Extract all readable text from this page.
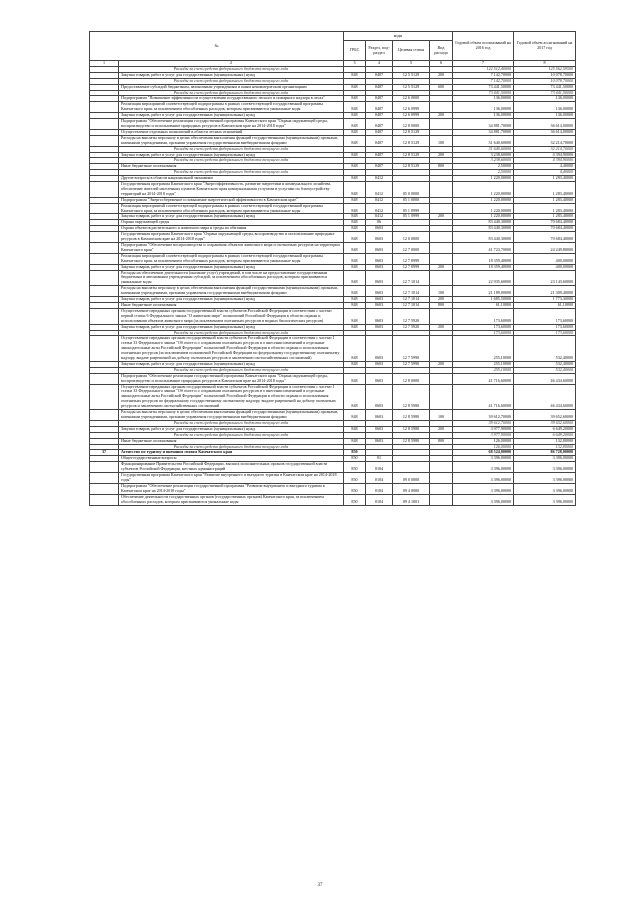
№		коды				Годовой объем ассигнований на 2016 год	Годовой объем ассигнований на 2017 год
		ГРБС	Раздел, под-раздел	Целевая статья	Вид расхода		
1	2	3	4	5	6	7	8
	Расходы за счет средств федерального бюджета текущего года					122 512,40000	125 562,59500
	Закупка товаров, работ и услуг для государственных (муниципальных) нужд	848	0407	12 5 5129	200	7 142,70000	10 078,70000
	Расходы за счет средств федерального бюджета текущего года					7 142,70000	10 078,70000
	Предоставление субсидий бюджетным, автономным учреждениям и иным некоммерческим организациям	848	0407	12 5 5129	600	73 441,50000	73 441,50000
	Расходы за счет средств федерального бюджета текущего года					73 441,50000	73 441,50000
	Подпрограмма "Повышение эффективности осуществления государственного лесного и пожарного надзора в лесах"	848	0407	12 6 0000		136,00000	136,00000
	Реализация мероприятий соответствующей подпрограммы в рамках соответствующей государственной программы Камчатского края, за исключением обособленных расходов, которым присваиваются уникальные коды	848	0407	12 6 0999		136,00000	136,00000
	Закупка товаров, работ и услуг для государственных (муниципальных) нужд	848	0407	12 6 0999	200	136,00000	136,00000
	Подпрограмма "Обеспечение реализации государственной программы Камчатского края "Охрана окружающей среды, воспроизводство и использование природных ресурсов в Камчатском крае на 2014-2018 годы"	848	0407	12 8 0000		34 881,70000	36 614,00000
	Осуществление отдельных полномочий в области лесных отношений	848	0407	12 8 5129		34 881,70000	36 614,00000
	Расходы на выплаты персоналу в целях обеспечения выполнения функций государственными (муниципальными) органами, казенными учреждениями, органами управления государственными внебюджетными фондами	848	0407	12 8 5129	100	31 640,60000	32 214,70000
	Расходы за счет средств федерального бюджета текущего года					31 640,60000	32 214,70000
	Закупка товаров, работ и услуг для государственных (муниципальных) нужд	848	0407	12 8 5129	200	3 238,60000	4 394,90000
	Расходы за счет средств федерального бюджета текущего года					3 238,60000	4 394,90000
	Иные бюджетные ассигнования	848	0407	12 8 5129	800	2,50000	4,40000
	Расходы за счет средств федерального бюджета текущего года					2,50000	4,40000
	Другие вопросы в области национальной экономики	848	0412			1 220,00000	1 283,40000
	Государственная программа Камчатского края "Энергоэффективность, развитие энергетики и коммунального хозяйства, обеспечение жителей населенных пунктов Камчатского края коммунальными услугами и услугами по благоустройству территорий на 2014-2018 годы"	848	0412	05 0 0000		1 220,00000	1 283,40000
	Подпрограмма "Энергосбережение и повышение энергетической эффективности в Камчатском крае"	848	0412	05 1 0000		1 220,00000	1 283,40000
	Реализация мероприятий соответствующей подпрограммы в рамках соответствующей государственной программы Камчатского края, за исключением обособленных расходов, которым присваиваются уникальные коды	848	0412	05 1 0999		1 220,00000	1 283,40000
	Закупка товаров, работ и услуг для государственных (муниципальных) нужд	848	0412	05 1 0999	200	1 220,00000	1 283,40000
	Охрана окружающей среды	848	06			83 440,30000	70 684,40000
	Охрана объектов растительного и животного мира и среды их обитания	848	0603			83 440,30000	70 684,40000
	Государственная программа Камчатского края "Охрана окружающей среды, воспроизводство и использование природных ресурсов в Камчатском крае на 2014-2018 годы"	848	0603	12 0 0000		83 440,30000	70 684,40000
	Подпрограмма "Обеспечение воспроизводства и сохранения объектов животного мира и охотничьих ресурсов на территории Камчатского края"	848	0603	12 7 0000		41 723,70000	24 249,80000
	Реализация мероприятий соответствующей подпрограммы в рамках соответствующей государственной программы Камчатского края, за исключением обособленных расходов, которым присваиваются уникальные коды	848	0603	12 7 0999		18 359,40000	400,00000
	Закупка товаров, работ и услуг для государственных (муниципальных) нужд	848	0603	12 7 0999	200	18 359,40000	400,00000
	Расходы на обеспечение деятельности (оказание услуг) учреждений, в том числе на предоставление государственным бюджетным и автономным учреждениям субсидий, за исключением обособленных расходов, которым присваиваются уникальные коды	848	0603	12 7 1014		22 935,60000	23 143,60000
	Расходы на выплаты персоналу в целях обеспечения выполнения функций государственными (муниципальными) органами, казенными учреждениями, органами управления государственными внебюджетными фондами	848	0603	12 7 1014	100	21 189,00000	21 309,40000
	Закупка товаров, работ и услуг для государственных (муниципальных) нужд	848	0603	12 7 1014	200	1 685,50000	1 773,30000
	Иные бюджетные ассигнования	848	0603	12 7 1014	800	61,10000	61,10000
	Осуществление переданных органам государственной власти субъектов Российской Федерации в соответствии с частью первой статьи 6 Федерального закона "О животном мире" полномочий Российской Федерации в области охраны и использования объектов животного мира (за исключением охотничьих ресурсов и водных биологических ресурсов)	848	0603	12 7 5920		173,60000	173,60000
	Закупка товаров, работ и услуг для государственных (муниципальных) нужд	848	0603	12 7 5920	200	173,60000	173,60000
	Расходы за счет средств федерального бюджета текущего года					173,60000	173,60000
	Осуществление переданных органам государственной власти субъектов Российской Федерации в соответствии с частью 1 статьи 33 Федерального закона "Об охоте и о сохранении охотничьих ресурсов и о внесении изменений в отдельные законодательные акты Российской Федерации" полномочий Российской Федерации в области охраны и использования охотничьих ресурсов (за исключением полномочий Российской Федерации по федеральному государственному охотничьему надзору, выдаче разрешений на добычу охотничьих ресурсов и заключению охотхозяйственных соглашений)	848	0603	12 7 5990		255,10000	532,40000
	Закупка товаров, работ и услуг для государственных (муниципальных) нужд	848	0603	12 7 5990	200	255,10000	532,40000
	Расходы за счет средств федерального бюджета текущего года					255,10000	532,40000
	Подпрограмма "Обеспечение реализации государственной программы Камчатского края "Охрана окружающей среды, воспроизводство и использование природных ресурсов в Камчатском крае на 2014-2018 годы"	848	0603	12 8 0000		41 716,60000	46 434,60000
	Осуществление переданных органам государственной власти субъектов Российской Федерации в соответствии с частью 1 статьи 33 Федерального закона "Об охоте и о сохранении охотничьих ресурсов и о внесении изменений в отдельные законодательные акты Российской Федерации" полномочий Российской Федерации в области охраны и использования охотничьих ресурсов по федеральному государственному охотничьему надзору, выдаче разрешений на добычу охотничьих ресурсов и заключению охотхозяйственных соглашений	848	0603	12 8 5980		41 716,60000	46 434,60000
	Расходы на выплаты персоналу в целях обеспечения выполнения функций государственными (муниципальными) органами, казенными учреждениями, органами управления государственными внебюджетными фондами	848	0603	12 8 5980	100	39 612,70000	39 652,60000
	Расходы за счет средств федерального бюджета текущего года					39 612,70000	39 652,60000
	Закупка товаров, работ и услуг для государственных (муниципальных) нужд	848	0603	12 8 5980	200	3 977,90000	6 649,20000
	Расходы за счет средств федерального бюджета текущего года					3 977,90000	6 649,20000
	Иные бюджетные ассигнования	848	0603	12 8 5980	800	126,00000	132,80000
	Расходы за счет средств федерального бюджета текущего года					126,00000	132,80000
37	Агентство по туризму и внешним связям Камчатского края	850				68 524,00000	86 728,00000
	Общегосударственные вопросы	850	01			3 396,00000	3 396,00000
	Функционирование Правительства Российской Федерации, высших исполнительных органов государственной власти субъектов Российской Федерации, местных администраций	850	0104			3 396,00000	3 396,00000
	Государственная программа Камчатского края "Развитие внутреннего и въездного туризма в Камчатском крае на 2014-2018 годы"	850	0104	09 0 0000		3 396,00000	3 396,00000
	Подпрограмма "Обеспечение реализации государственной программы "Развитие внутреннего и въездного туризма в Камчатском крае на 2014-2018 годы"	850	0104	09 4 0000		3 396,00000	3 396,00000
	Обеспечение деятельности государственных органов (государственных органов) Камчатского края, за исключением обособленных расходов, которым присваиваются уникальные коды	850	0104	09 4 1001		3 396,00000	3 396,00000
37
